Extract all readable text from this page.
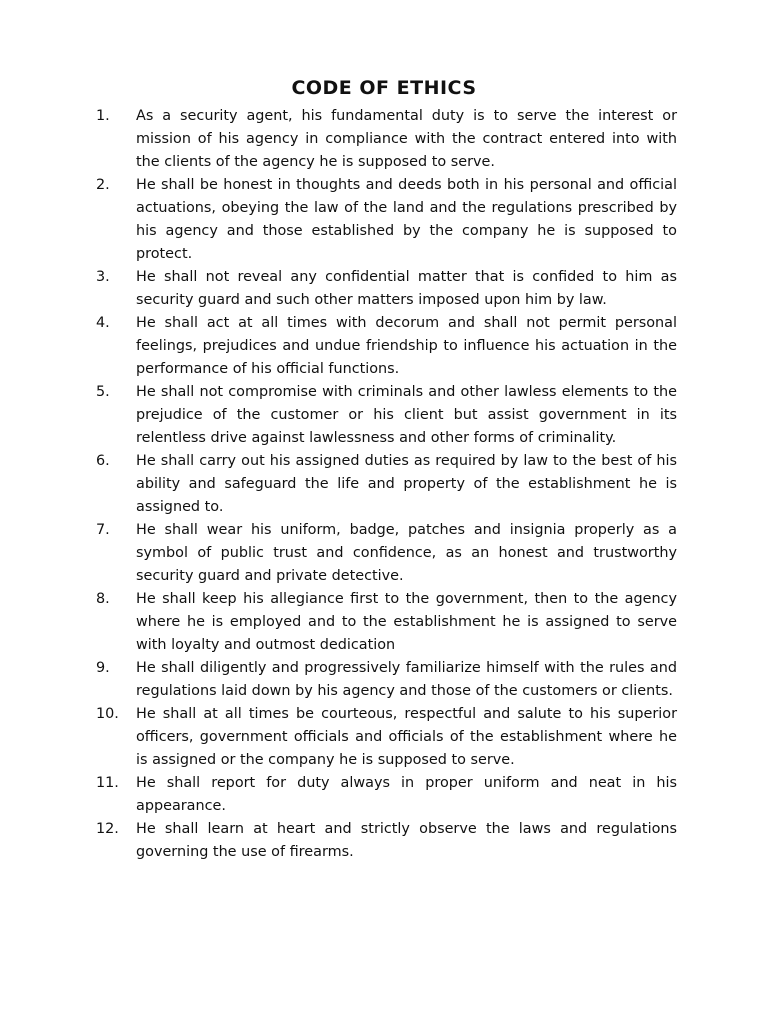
CODE OF ETHICS
1.	As a security agent, his fundamental duty is to serve the interest or mission of his agency in compliance with the contract entered into with the clients of the agency he is supposed to serve.
2.	He shall be honest in thoughts and deeds both in his personal and official actuations, obeying the law of the land and the regulations prescribed by his agency and those established by the company he is supposed to protect.
3.	He shall not reveal any confidential matter that is confided to him as security guard and such other matters imposed upon him by law.
4.	He shall act at all times with decorum and shall not permit personal feelings, prejudices and undue friendship to influence his actuation in the performance of his official functions.
5.	He shall not compromise with criminals and other lawless elements to the prejudice of the customer or his client but assist government in its relentless drive against lawlessness and other forms of criminality.
6.	He shall carry out his assigned duties as required by law to the best of his ability and safeguard the life and property of the establishment he is assigned to.
7.	He shall wear his uniform, badge, patches and insignia properly as a symbol of public trust and confidence, as an honest and trustworthy security guard and private detective.
8.	He shall keep his allegiance first to the government, then to the agency where he is employed and to the establishment he is assigned to serve with loyalty and outmost dedication
9.	He shall diligently and progressively familiarize himself with the rules and regulations laid down by his agency and those of the customers or clients.
10.	He shall at all times be courteous, respectful and salute to his superior officers, government officials and officials of the establishment where he is assigned or the company he is supposed to serve.
11.	He shall report for duty always in proper uniform and neat in his appearance.
12.	He shall learn at heart and strictly observe the laws and regulations governing the use of firearms.
